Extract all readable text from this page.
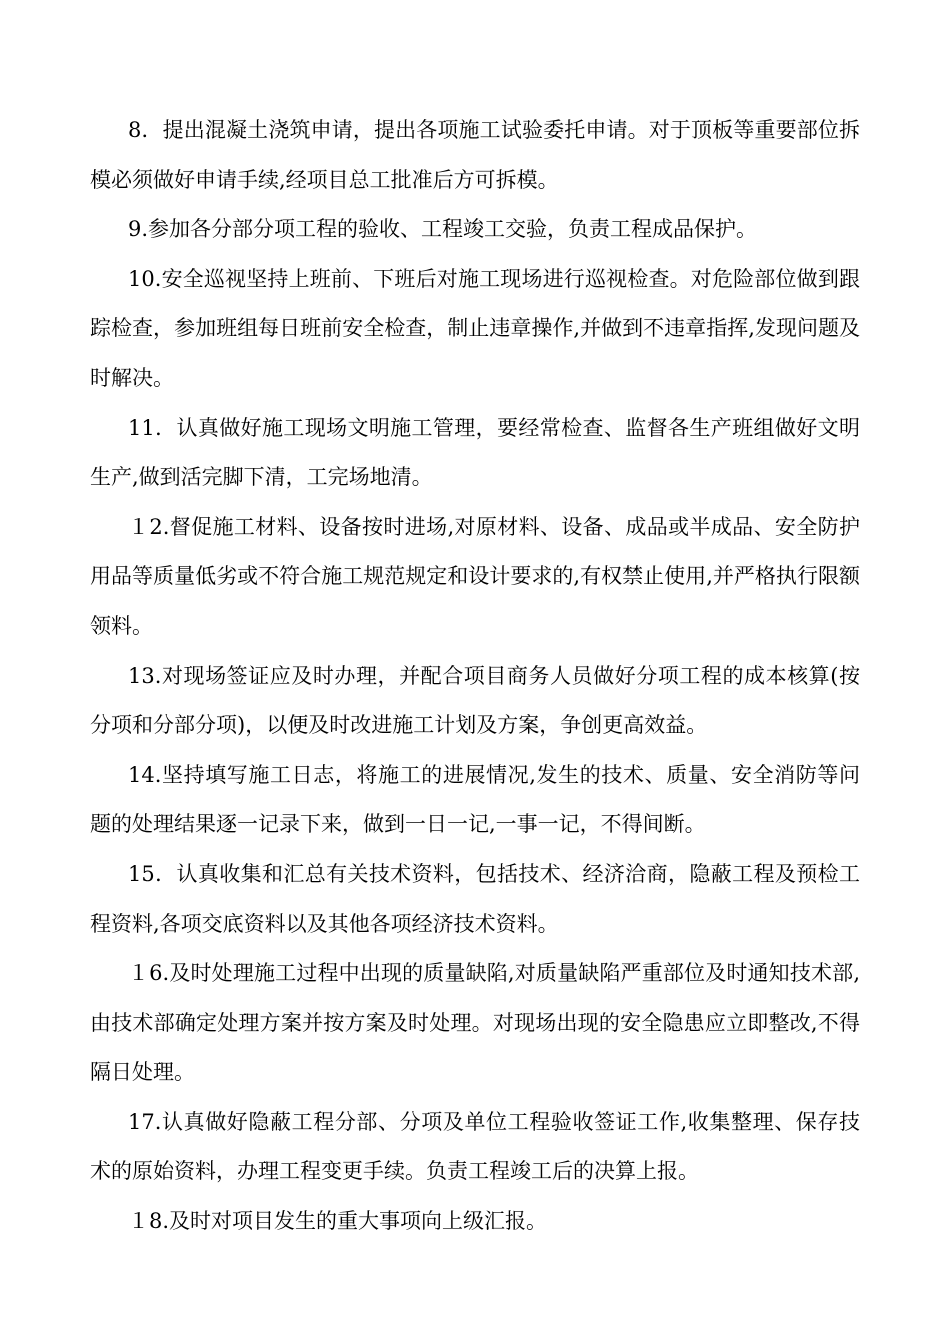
8．提出混凝土浇筑申请，提出各项施工试验委托申请。对于顶板等重要部位拆模必须做好申请手续,经项目总工批准后方可拆模。

9.参加各分部分项工程的验收、工程竣工交验，负责工程成品保护。

10.安全巡视坚持上班前、下班后对施工现场进行巡视检查。对危险部位做到跟踪检查，参加班组每日班前安全检查，制止违章操作,并做到不违章指挥,发现问题及时解决。

11．认真做好施工现场文明施工管理，要经常检查、监督各生产班组做好文明生产,做到活完脚下清，工完场地清。

１2.督促施工材料、设备按时进场,对原材料、设备、成品或半成品、安全防护用品等质量低劣或不符合施工规范规定和设计要求的,有权禁止使用,并严格执行限额领料。

13.对现场签证应及时办理，并配合项目商务人员做好分项工程的成本核算(按分项和分部分项)，以便及时改进施工计划及方案，争创更高效益。

14.坚持填写施工日志，将施工的进展情况,发生的技术、质量、安全消防等问题的处理结果逐一记录下来，做到一日一记,一事一记，不得间断。

15．认真收集和汇总有关技术资料，包括技术、经济洽商，隐蔽工程及预检工程资料,各项交底资料以及其他各项经济技术资料。

１6.及时处理施工过程中出现的质量缺陷,对质量缺陷严重部位及时通知技术部,由技术部确定处理方案并按方案及时处理。对现场出现的安全隐患应立即整改,不得隔日处理。

17.认真做好隐蔽工程分部、分项及单位工程验收签证工作,收集整理、保存技术的原始资料，办理工程变更手续。负责工程竣工后的决算上报。

１8.及时对项目发生的重大事项向上级汇报。
